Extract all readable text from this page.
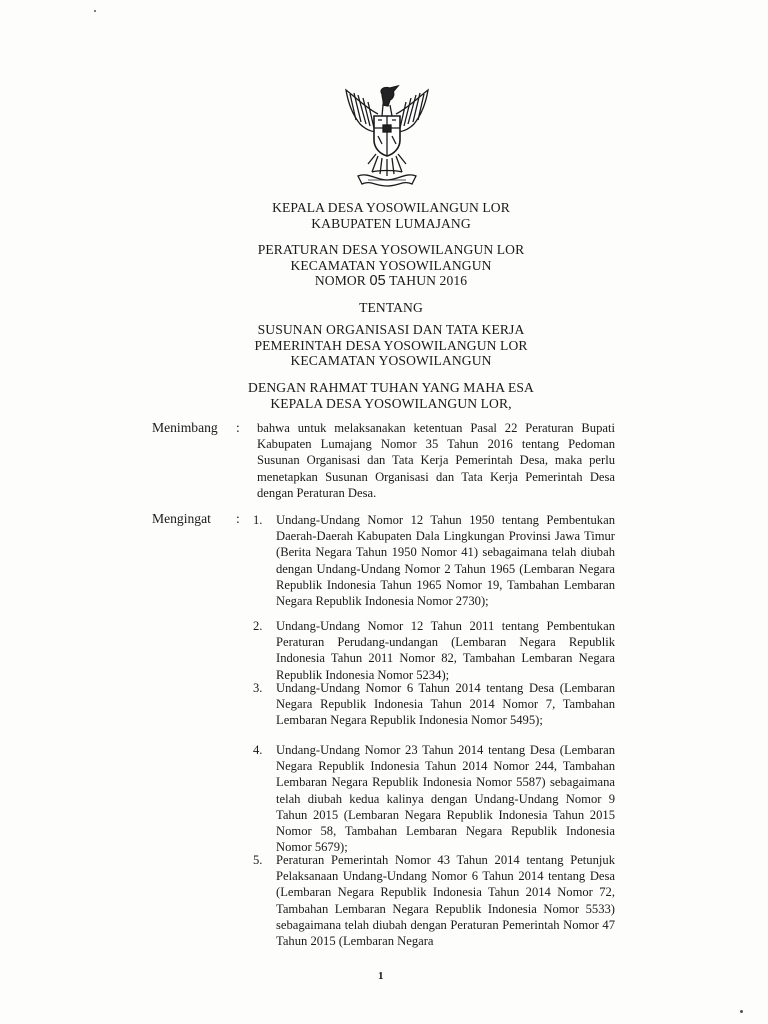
KEPALA DESA YOSOWILANGUN LOR
KABUPATEN LUMAJANG
PERATURAN DESA YOSOWILANGUN LOR
KECAMATAN YOSOWILANGUN
NOMOR 05 TAHUN 2016
TENTANG
SUSUNAN ORGANISASI DAN TATA KERJA
PEMERINTAH DESA YOSOWILANGUN LOR
KECAMATAN YOSOWILANGUN
DENGAN RAHMAT TUHAN YANG MAHA ESA
KEPALA DESA YOSOWILANGUN LOR,
Menimbang : bahwa untuk melaksanakan ketentuan Pasal 22 Peraturan Bupati Kabupaten Lumajang Nomor 35 Tahun 2016 tentang Pedoman Susunan Organisasi dan Tata Kerja Pemerintah Desa, maka perlu menetapkan Susunan Organisasi dan Tata Kerja Pemerintah Desa dengan Peraturan Desa.
Mengingat : 1. Undang-Undang Nomor 12 Tahun 1950 tentang Pembentukan Daerah-Daerah Kabupaten Dala Lingkungan Provinsi Jawa Timur (Berita Negara Tahun 1950 Nomor 41) sebagaimana telah diubah dengan Undang-Undang Nomor 2 Tahun 1965 (Lembaran Negara Republik Indonesia Tahun 1965 Nomor 19, Tambahan Lembaran Negara Republik Indonesia Nomor 2730);
2. Undang-Undang Nomor 12 Tahun 2011 tentang Pembentukan Peraturan Perudang-undangan (Lembaran Negara Republik Indonesia Tahun 2011 Nomor 82, Tambahan Lembaran Negara Republik Indonesia Nomor 5234);
3. Undang-Undang Nomor 6 Tahun 2014 tentang Desa (Lembaran Negara Republik Indonesia Tahun 2014 Nomor 7, Tambahan Lembaran Negara Republik Indonesia Nomor 5495);
4. Undang-Undang Nomor 23 Tahun 2014 tentang Desa (Lembaran Negara Republik Indonesia Tahun 2014 Nomor 244, Tambahan Lembaran Negara Republik Indonesia Nomor 5587) sebagaimana telah diubah kedua kalinya dengan Undang-Undang Nomor 9 Tahun 2015 (Lembaran Negara Republik Indonesia Tahun 2015 Nomor 58, Tambahan Lembaran Negara Republik Indonesia Nomor 5679);
5. Peraturan Pemerintah Nomor 43 Tahun 2014 tentang Petunjuk Pelaksanaan Undang-Undang Nomor 6 Tahun 2014 tentang Desa (Lembaran Negara Republik Indonesia Tahun 2014 Nomor 72, Tambahan Lembaran Negara Republik Indonesia Nomor 5533) sebagaimana telah diubah dengan Peraturan Pemerintah Nomor 47 Tahun 2015 (Lembaran Negara
1
